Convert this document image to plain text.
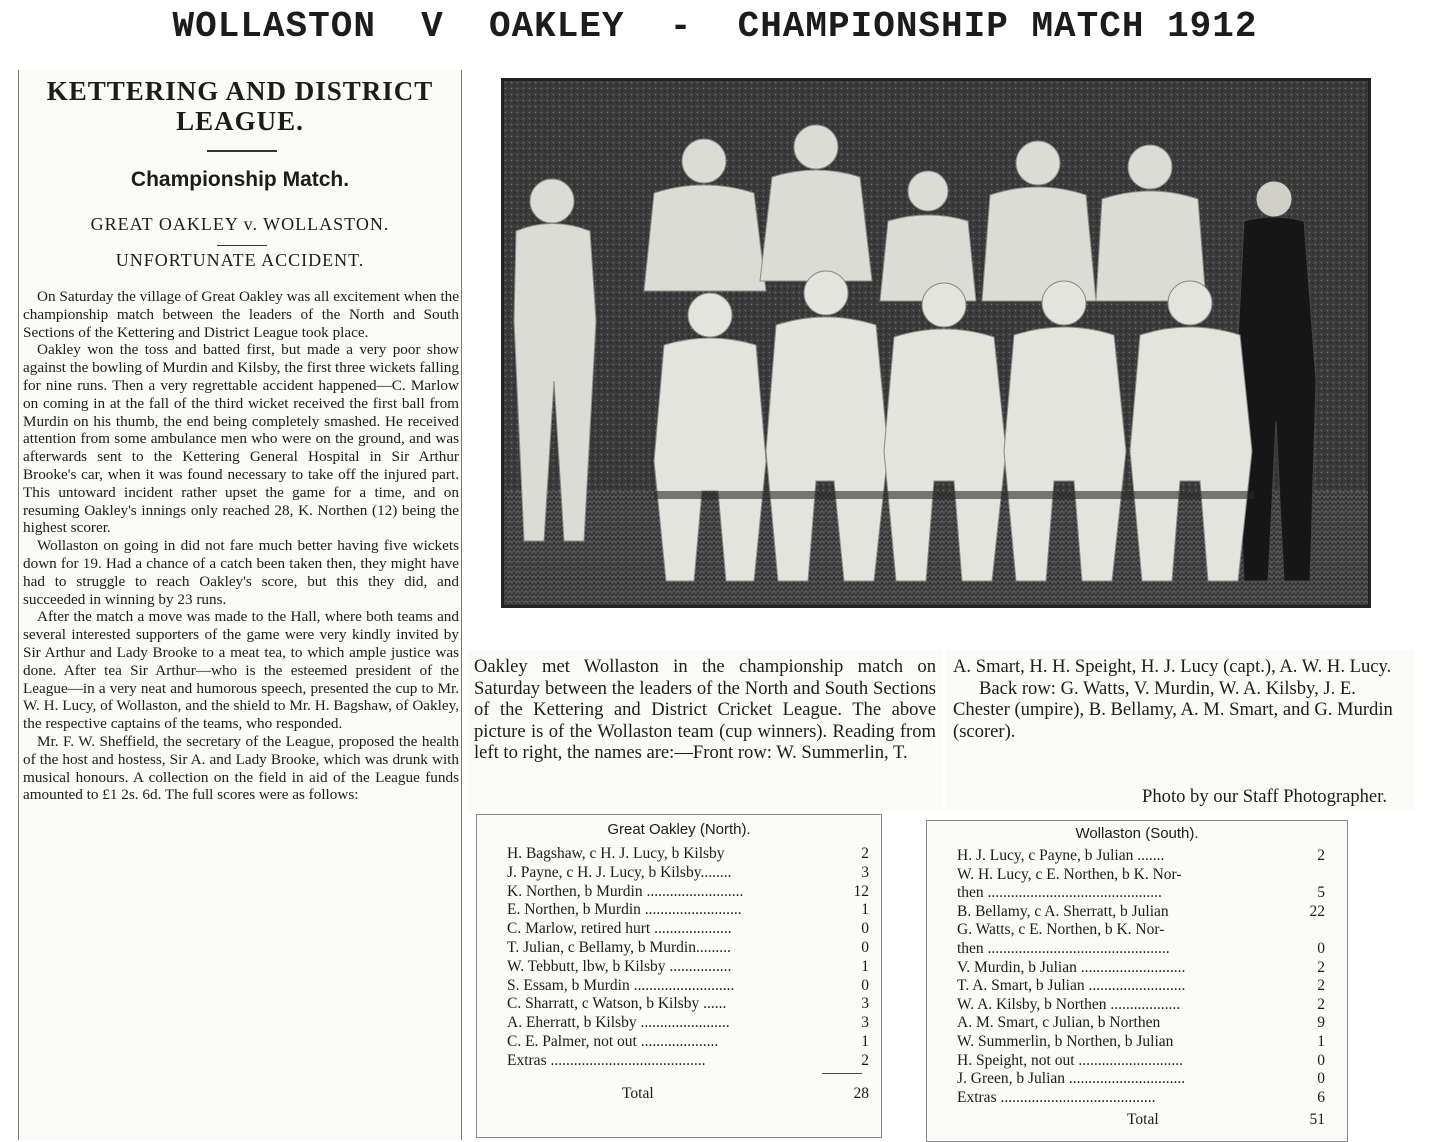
WOLLASTON  V  OAKLEY  -  CHAMPIONSHIP MATCH 1912
KETTERING AND DISTRICT LEAGUE.
Championship Match.
GREAT OAKLEY v. WOLLASTON.
UNFORTUNATE ACCIDENT.

On Saturday the village of Great Oakley was all excitement when the championship match between the leaders of the North and South Sections of the Kettering and District League took place.

Oakley won the toss and batted first, but made a very poor show against the bowling of Murdin and Kilsby, the first three wickets falling for nine runs. Then a very regrettable accident happened—C. Marlow on coming in at the fall of the third wicket received the first ball from Murdin on his thumb, the end being completely smashed. He received attention from some ambulance men who were on the ground, and was afterwards sent to the Kettering General Hospital in Sir Arthur Brooke's car, when it was found necessary to take off the injured part. This untoward incident rather upset the game for a time, and on resuming Oakley's innings only reached 28, K. Northen (12) being the highest scorer.

Wollaston on going in did not fare much better having five wickets down for 19. Had a chance of a catch been taken then, they might have had to struggle to reach Oakley's score, but this they did, and succeeded in winning by 23 runs.

After the match a move was made to the Hall, where both teams and several interested supporters of the game were very kindly invited by Sir Arthur and Lady Brooke to a meat tea, to which ample justice was done. After tea Sir Arthur—who is the esteemed president of the League—in a very neat and humorous speech, presented the cup to Mr. W. H. Lucy, of Wollaston, and the shield to Mr. H. Bagshaw, of Oakley, the respective captains of the teams, who responded.

Mr. F. W. Sheffield, the secretary of the League, proposed the health of the host and hostess, Sir A. and Lady Brooke, which was drunk with musical honours. A collection on the field in aid of the League funds amounted to £1 2s. 6d. The full scores were as follows:

Oakley met Wollaston in the championship match on Saturday between the leaders of the North and South Sections of the Kettering and District Cricket League. The above picture is of the Wollaston team (cup winners). Reading from left to right, the names are:—Front row: W. Summerlin, T.
A. Smart, H. H. Speight, H. J. Lucy (capt.), A. W. H. Lucy.
Back row: G. Watts, V. Murdin, W. A. Kilsby, J. E. Chester (umpire), B. Bellamy, A. M. Smart, and G. Murdin (scorer).
Photo by our Staff Photographer.
Great Oakley (North).
H. Bagshaw, c H. J. Lucy, b Kilsby	2
J. Payne, c H. J. Lucy, b Kilsby........	3
K. Northen, b Murdin .........................	12
E. Northen, b Murdin .........................	1
C. Marlow, retired hurt ....................	0
T. Julian, c Bellamy, b Murdin.........	0
W. Tebbutt, lbw, b Kilsby ................	1
S. Essam, b Murdin ..........................	0
C. Sharratt, c Watson, b Kilsby ......	3
A. Eherratt, b Kilsby .......................	3
C. E. Palmer, not out ....................	1
Extras ........................................	2
Total	28
Wollaston (South).
H. J. Lucy, c Payne, b Julian .......	2
W. H. Lucy, c E. Northen, b K. Nor-
then .............................................	5
B. Bellamy, c A. Sherratt, b Julian	22
G. Watts, c E. Northen, b K. Nor-
then ...............................................	0
V. Murdin, b Julian ...........................	2
T. A. Smart, b Julian .........................	2
W. A. Kilsby, b Northen ..................	2
A. M. Smart, c Julian, b Northen	9
W. Summerlin, b Northen, b Julian	1
H. Speight, not out ...........................	0
J. Green, b Julian ..............................	0
Extras ........................................	6
Total	51
